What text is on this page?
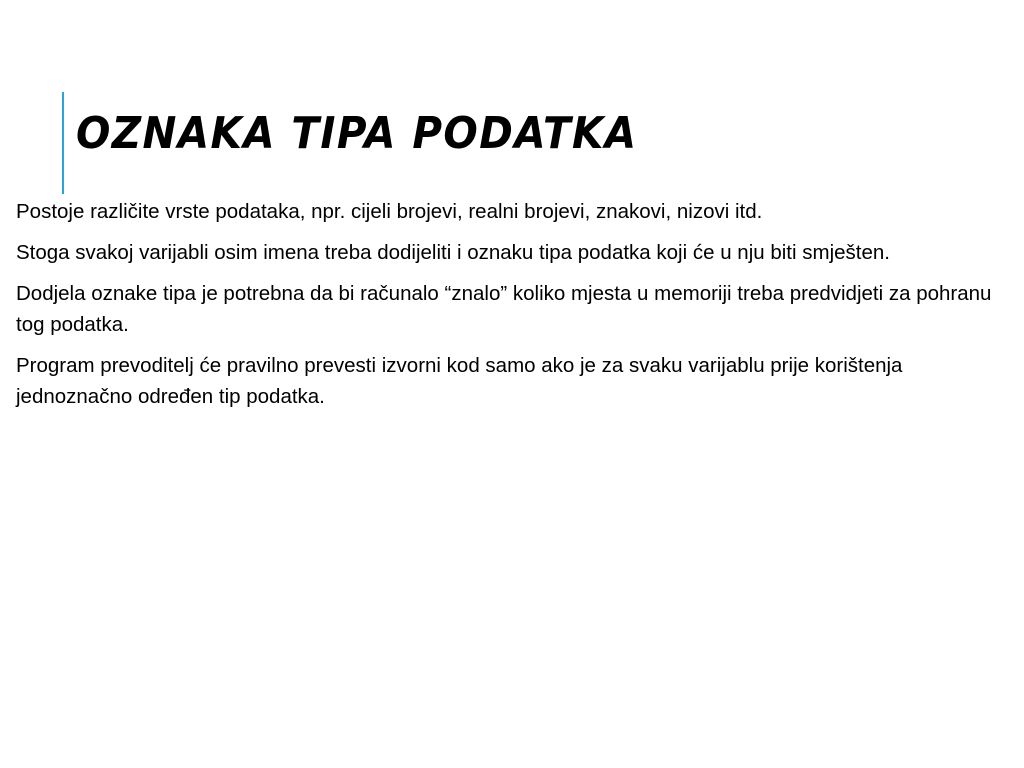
OZNAKA TIPA PODATKA

Postoje različite vrste podataka, npr. cijeli brojevi, realni brojevi, znakovi, nizovi itd.

Stoga svakoj varijabli osim imena treba dodijeliti i oznaku tipa podatka koji će u nju biti smješten.

Dodjela oznake tipa je potrebna da bi računalo “znalo” koliko mjesta u memoriji treba predvidjeti za pohranu tog podatka.

Program prevoditelj će pravilno prevesti izvorni kod samo ako je za svaku varijablu prije korištenja jednoznačno određen tip podatka.
